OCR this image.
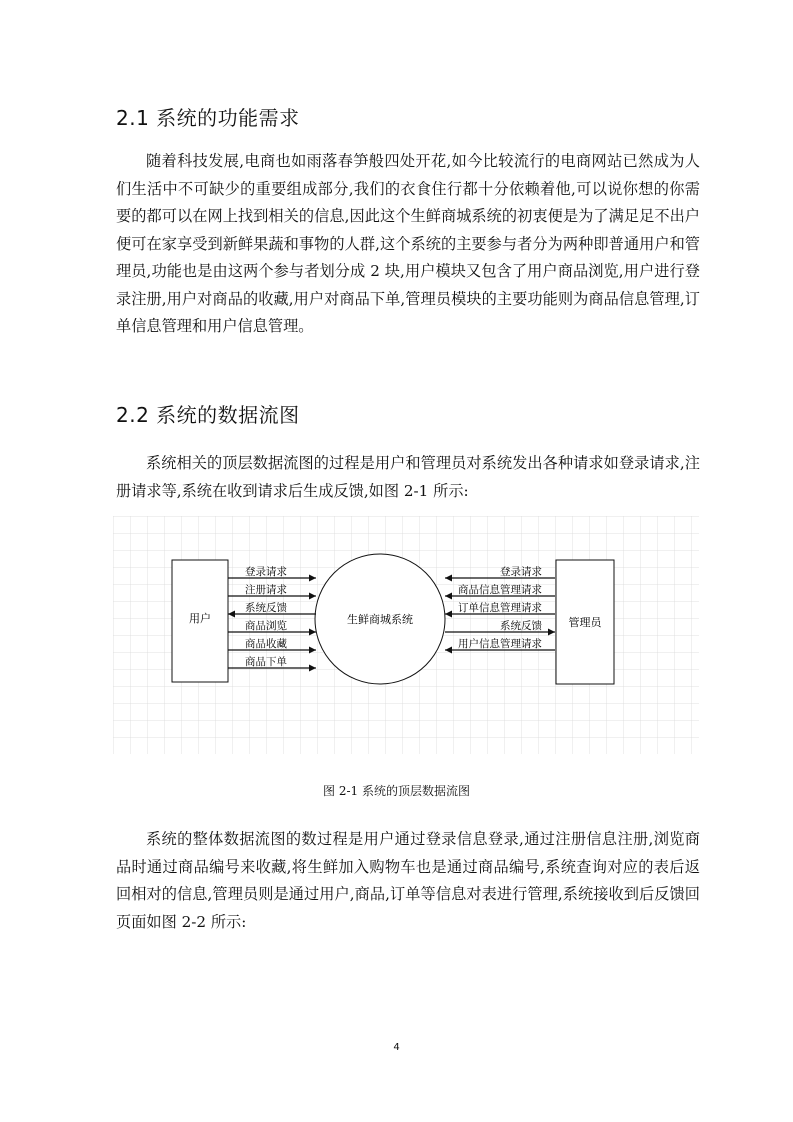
2.1 系统的功能需求

随着科技发展,电商也如雨落春笋般四处开花,如今比较流行的电商网站已然成为人们生活中不可缺少的重要组成部分,我们的衣食住行都十分依赖着他,可以说你想的你需要的都可以在网上找到相关的信息,因此这个生鲜商城系统的初衷便是为了满足足不出户便可在家享受到新鲜果蔬和事物的人群,这个系统的主要参与者分为两种即普通用户和管理员,功能也是由这两个参与者划分成 2 块,用户模块又包含了用户商品浏览,用户进行登录注册,用户对商品的收藏,用户对商品下单,管理员模块的主要功能则为商品信息管理,订单信息管理和用户信息管理。

2.2 系统的数据流图

系统相关的顶层数据流图的过程是用户和管理员对系统发出各种请求如登录请求,注册请求等,系统在收到请求后生成反馈,如图 2-1 所示:

用户	生鲜商城系统	管理员
登录请求
注册请求
系统反馈
商品浏览
商品收藏
商品下单
登录请求
商品信息管理请求
订单信息管理请求
系统反馈
用户信息管理请求

图 2-1 系统的顶层数据流图

系统的整体数据流图的数过程是用户通过登录信息登录,通过注册信息注册,浏览商品时通过商品编号来收藏,将生鲜加入购物车也是通过商品编号,系统查询对应的表后返回相对的信息,管理员则是通过用户,商品,订单等信息对表进行管理,系统接收到后反馈回页面如图 2-2 所示:

4
